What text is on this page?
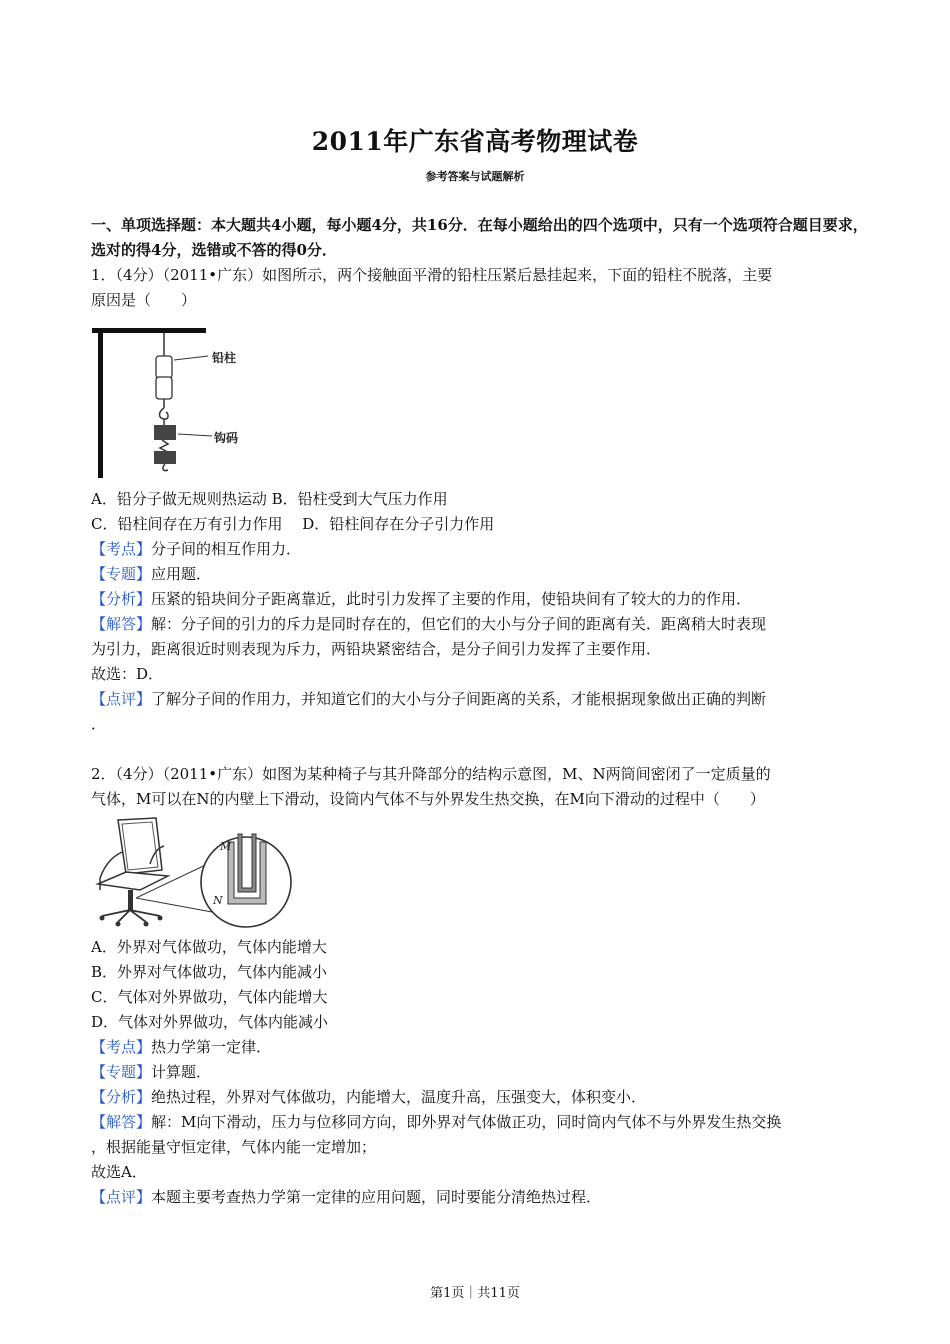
2011年广东省高考物理试卷
参考答案与试题解析
一、单项选择题：本大题共4小题，每小题4分，共16分．在每小题给出的四个选项中，只有一个选项符合题目要求，选对的得4分，选错或不答的得0分．
1．（4分）（2011•广东）如图所示，两个接触面平滑的铅柱压紧后悬挂起来，下面的铅柱不脱落，主要
原因是（　　）
铅柱
钩码
A．铅分子做无规则热运动 B．铅柱受到大气压力作用
C．铅柱间存在万有引力作用　 D．铅柱间存在分子引力作用
【考点】分子间的相互作用力．
【专题】应用题．
【分析】压紧的铅块间分子距离靠近，此时引力发挥了主要的作用，使铅块间有了较大的力的作用．
【解答】解：分子间的引力的斥力是同时存在的，但它们的大小与分子间的距离有关．距离稍大时表现
为引力，距离很近时则表现为斥力，两铅块紧密结合，是分子间引力发挥了主要作用．
故选：D．
【点评】了解分子间的作用力，并知道它们的大小与分子间距离的关系，才能根据现象做出正确的判断
．
2．（4分）（2011•广东）如图为某种椅子与其升降部分的结构示意图，M、N两筒间密闭了一定质量的
气体，M可以在N的内壁上下滑动，设筒内气体不与外界发生热交换，在M向下滑动的过程中（　　）
M
N
A．外界对气体做功，气体内能增大
B．外界对气体做功，气体内能减小
C．气体对外界做功，气体内能增大
D．气体对外界做功，气体内能减小
【考点】热力学第一定律．
【专题】计算题．
【分析】绝热过程，外界对气体做功，内能增大，温度升高，压强变大，体积变小．
【解答】解：M向下滑动，压力与位移同方向，即外界对气体做正功，同时筒内气体不与外界发生热交换
，根据能量守恒定律，气体内能一定增加；
故选A．
【点评】本题主要考查热力学第一定律的应用问题，同时要能分清绝热过程．
第1页｜共11页
